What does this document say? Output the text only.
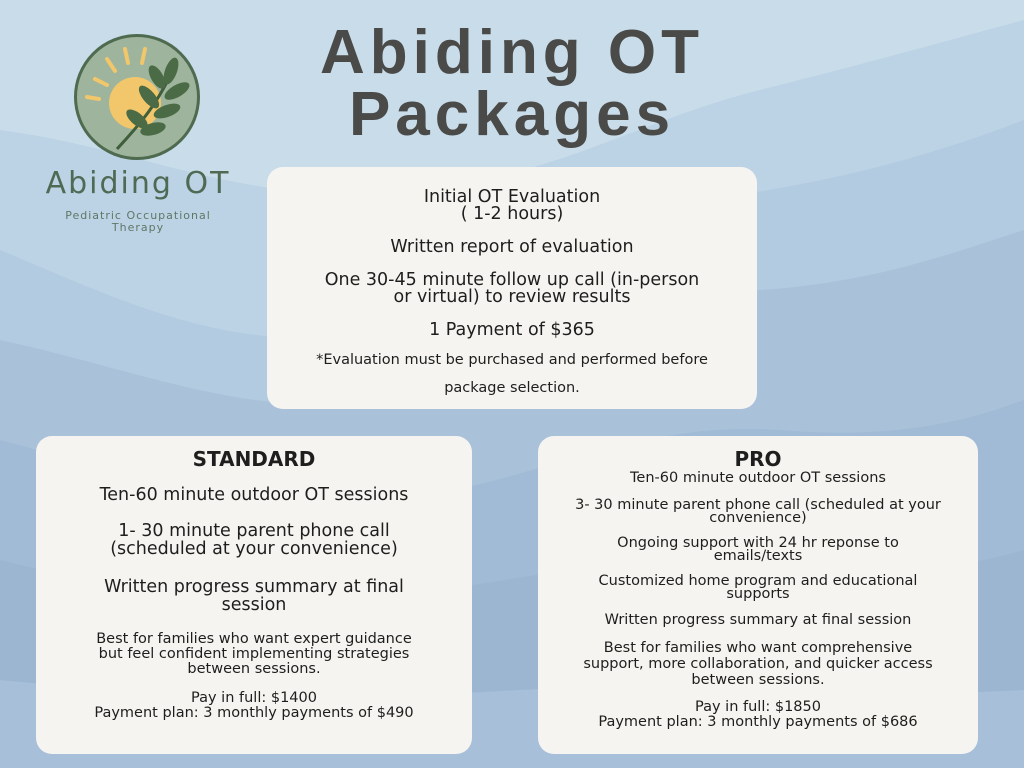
Abiding OT
Pediatric Occupational Therapy
Abiding OT
Packages

Initial OT Evaluation

( 1-2 hours)

Written report of evaluation

One 30-45 minute follow up call (in-person

or virtual) to review results

1 Payment of $365

*Evaluation must be purchased and performed before

package selection.

STANDARD

Ten-60 minute outdoor OT sessions

1- 30 minute parent phone call

(scheduled at your convenience)

Written progress summary at final

session

Best for families who want expert guidance

but feel confident implementing strategies

between sessions.

Pay in full: $1400

Payment plan: 3 monthly payments of $490

PRO

Ten-60 minute outdoor OT sessions

3- 30 minute parent phone call (scheduled at your

convenience)

Ongoing support with 24 hr reponse to

emails/texts

Customized home program and educational

supports

Written progress summary at final session

Best for families who want comprehensive

support, more collaboration, and quicker access

between sessions.

Pay in full: $1850

Payment plan: 3 monthly payments of $686
